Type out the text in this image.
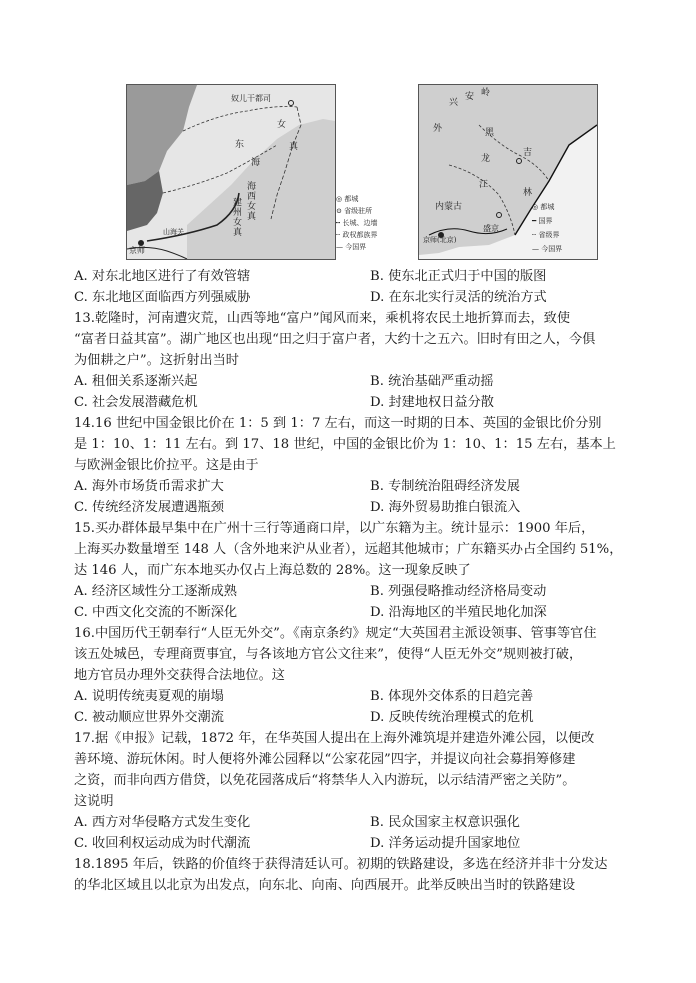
奴儿干都司
东
海
女
真
海西女真
建州女真
山海关
京师
◎ 都城
⊙ 省级驻所
┅ 长城、边墙
┄ 政权都族界
— 今国界
兴
安 岭
外	黑
龙
江
吉
林
内蒙古
京师(北京)
盛京
◎ 都城
━ 国界
┄ 省级界
— 今国界
A. 对东北地区进行了有效管辖	B. 使东北正式归于中国的版图
C. 东北地区面临西方列强威胁	D. 在东北实行灵活的统治方式
13.乾隆时，河南遭灾荒，山西等地“富户”闻风而来，乘机将农民土地折算而去，致使
“富者日益其富”。湖广地区也出现“田之归于富户者，大约十之五六。旧时有田之人，今俱
为佃耕之户”。这折射出当时
A. 租佃关系逐渐兴起	B. 统治基础严重动摇
C. 社会发展潜藏危机	D. 封建地权日益分散
14.16 世纪中国金银比价在 1：5 到 1：7 左右，而这一时期的日本、英国的金银比价分别
是 1：10、1：11 左右。到 17、18 世纪，中国的金银比价为 1：10、1：15 左右，基本上
与欧洲金银比价拉平。这是由于
A. 海外市场货币需求扩大	B. 专制统治阻碍经济发展
C. 传统经济发展遭遇瓶颈	D. 海外贸易助推白银流入
15.买办群体最早集中在广州十三行等通商口岸，以广东籍为主。统计显示：1900 年后，
上海买办数量增至 148 人（含外地来沪从业者），远超其他城市；广东籍买办占全国约 51%，
达 146 人，而广东本地买办仅占上海总数的 28%。这一现象反映了
A. 经济区域性分工逐渐成熟	B. 列强侵略推动经济格局变动
C. 中西文化交流的不断深化	D. 沿海地区的半殖民地化加深
16.中国历代王朝奉行“人臣无外交”。《南京条约》规定“大英国君主派设领事、管事等官住
该五处城邑，专理商贾事宜，与各该地方官公文往来”，使得“人臣无外交”规则被打破，
地方官员办理外交获得合法地位。这
A. 说明传统夷夏观的崩塌	B. 体现外交体系的日趋完善
C. 被动顺应世界外交潮流	D. 反映传统治理模式的危机
17.据《申报》记载，1872 年，在华英国人提出在上海外滩筑堤并建造外滩公园，以便改
善环境、游玩休闲。时人便将外滩公园释以“公家花园”四字，并提议向社会募捐筹修建
之资，而非向西方借贷，以免花园落成后“将禁华人入内游玩，以示结清严密之关防”。
这说明
A. 西方对华侵略方式发生变化	B. 民众国家主权意识强化
C. 收回利权运动成为时代潮流	D. 洋务运动提升国家地位
18.1895 年后，铁路的价值终于获得清廷认可。初期的铁路建设，多选在经济并非十分发达
的华北区域且以北京为出发点，向东北、向南、向西展开。此举反映出当时的铁路建设
